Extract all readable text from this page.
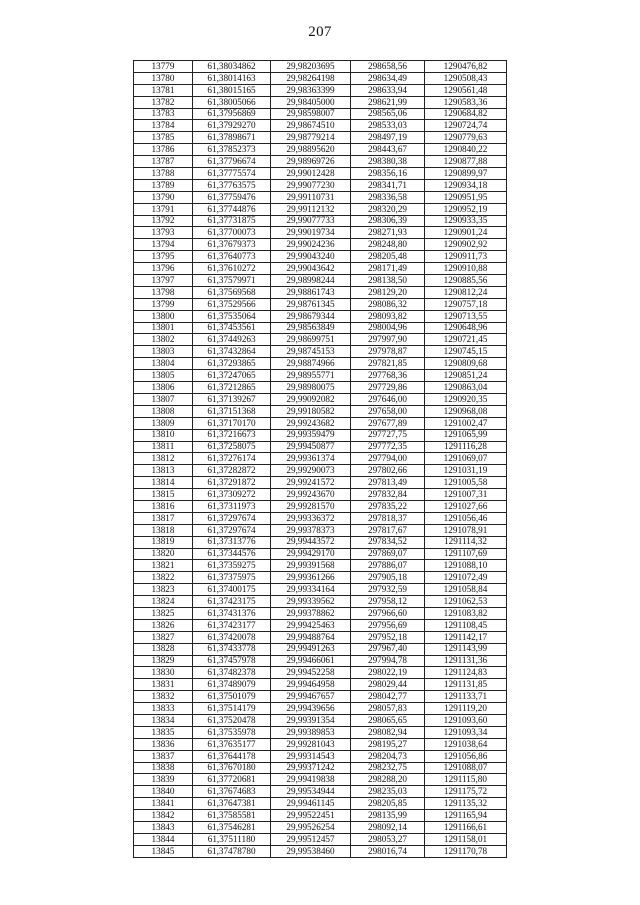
207
13779	61,38034862	29,98203695	298658,56	1290476,82
13780	61,38014163	29,98264198	298634,49	1290508,43
13781	61,38015165	29,98363399	298633,94	1290561,48
13782	61,38005066	29,98405000	298621,99	1290583,36
13783	61,37956869	29,98598007	298565,06	1290684,82
13784	61,37929270	29,98674510	298533,03	1290724,74
13785	61,37898671	29,98779214	298497,19	1290779,63
13786	61,37852373	29,98895620	298443,67	1290840,22
13787	61,37796674	29,98969726	298380,38	1290877,88
13788	61,37775574	29,99012428	298356,16	1290899,97
13789	61,37763575	29,99077230	298341,71	1290934,18
13790	61,37759476	29,99110731	298336,58	1290951,95
13791	61,37744876	29,99112132	298320,29	1290952,19
13792	61,37731875	29,99077733	298306,39	1290933,35
13793	61,37700073	29,99019734	298271,93	1290901,24
13794	61,37679373	29,99024236	298248,80	1290902,92
13795	61,37640773	29,99043240	298205,48	1290911,73
13796	61,37610272	29,99043642	298171,49	1290910,88
13797	61,37579971	29,98998244	298138,50	1290885,56
13798	61,37569568	29,98861743	298129,20	1290812,24
13799	61,37529566	29,98761345	298086,32	1290757,18
13800	61,37535064	29,98679344	298093,82	1290713,55
13801	61,37453561	29,98563849	298004,96	1290648,96
13802	61,37449263	29,98699751	297997,90	1290721,45
13803	61,37432864	29,98745153	297978,87	1290745,15
13804	61,37293865	29,98874966	297821,85	1290809,68
13805	61,37247065	29,98955771	297768,36	1290851,24
13806	61,37212865	29,98980075	297729,86	1290863,04
13807	61,37139267	29,99092082	297646,00	1290920,35
13808	61,37151368	29,99180582	297658,00	1290968,08
13809	61,37170170	29,99243682	297677,89	1291002,47
13810	61,37216673	29,99359479	297727,75	1291065,99
13811	61,37258075	29,99450877	297772,35	1291116,28
13812	61,37276174	29,99361374	297794,00	1291069,07
13813	61,37282872	29,99290073	297802,66	1291031,19
13814	61,37291872	29,99241572	297813,49	1291005,58
13815	61,37309272	29,99243670	297832,84	1291007,31
13816	61,37311973	29,99281570	297835,22	1291027,66
13817	61,37297674	29,99336372	297818,37	1291056,46
13818	61,37297674	29,99378373	297817,67	1291078,91
13819	61,37313776	29,99443572	297834,52	1291114,32
13820	61,37344576	29,99429170	297869,07	1291107,69
13821	61,37359275	29,99391568	297886,07	1291088,10
13822	61,37375975	29,99361266	297905,18	1291072,49
13823	61,37400175	29,99334164	297932,59	1291058,84
13824	61,37423175	29,99339562	297958,12	1291062,53
13825	61,37431376	29,99378862	297966,60	1291083,82
13826	61,37423177	29,99425463	297956,69	1291108,45
13827	61,37420078	29,99488764	297952,18	1291142,17
13828	61,37433778	29,99491263	297967,40	1291143,99
13829	61,37457978	29,99466061	297994,78	1291131,36
13830	61,37482378	29,99452258	298022,19	1291124,83
13831	61,37489079	29,99464958	298029,44	1291131,85
13832	61,37501079	29,99467657	298042,77	1291133,71
13833	61,37514179	29,99439656	298057,83	1291119,20
13834	61,37520478	29,99391354	298065,65	1291093,60
13835	61,37535978	29,99389853	298082,94	1291093,34
13836	61,37635177	29,99281043	298195,27	1291038,64
13837	61,37644178	29,99314543	298204,73	1291056,86
13838	61,37670180	29,99371242	298232,75	1291088,07
13839	61,37720681	29,99419838	298288,20	1291115,80
13840	61,37674683	29,99534944	298235,03	1291175,72
13841	61,37647381	29,99461145	298205,85	1291135,32
13842	61,37585581	29,99522451	298135,99	1291165,94
13843	61,37546281	29,99526254	298092,14	1291166,61
13844	61,37511180	29,99512457	298053,27	1291158,01
13845	61,37478780	29,99538460	298016,74	1291170,78
